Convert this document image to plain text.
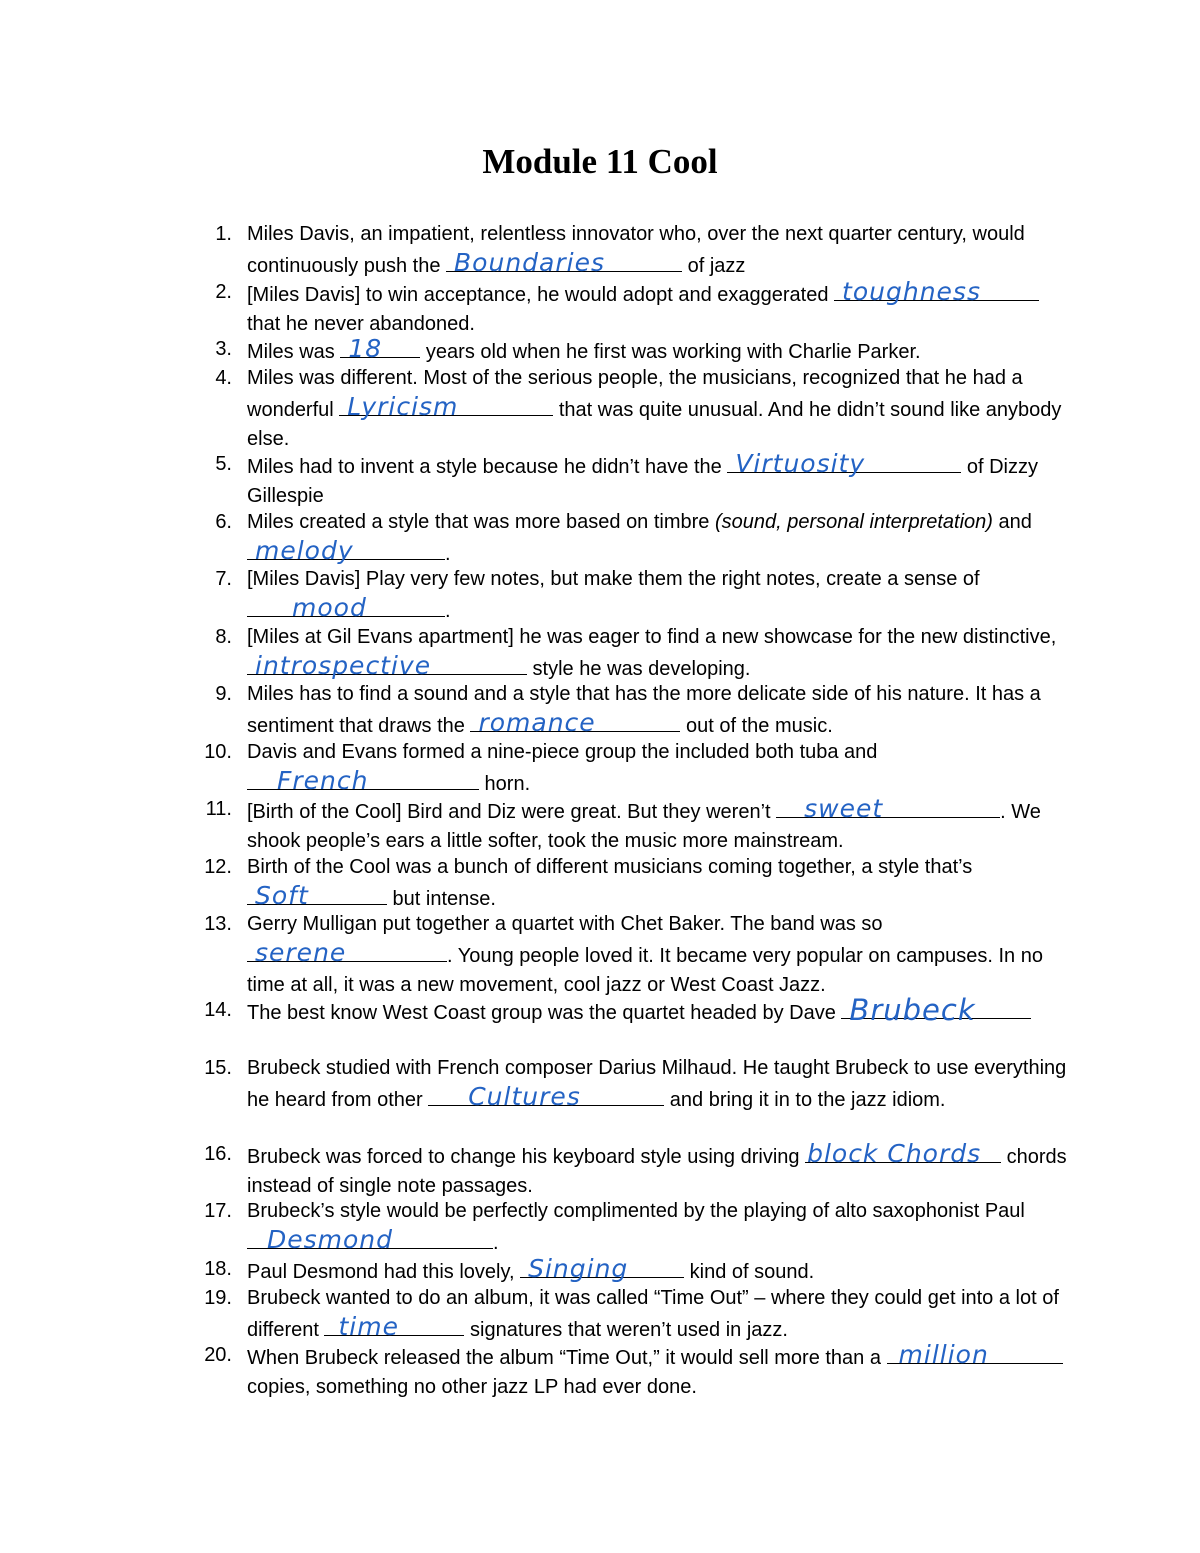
Module 11 Cool
1. Miles Davis, an impatient, relentless innovator who, over the next quarter century, would continuously push the Boundaries	of jazz
2. [Miles Davis] to win acceptance, he would adopt and exaggerated toughness
that he never abandoned.
3. Miles was 18 years old when he first was working with Charlie Parker.
4. Miles was different. Most of the serious people, the musicians, recognized that he had a wonderful Lyricism	that was quite unusual. And he didn’t sound like anybody else.
5. Miles had to invent a style because he didn’t have the Virtuosity	of Dizzy Gillespie
6. Miles created a style that was more based on timbre (sound, personal interpretation) and
melody	.
7. [Miles Davis] Play very few notes, but make them the right notes, create a sense of
mood	.
8. [Miles at Gil Evans apartment] he was eager to find a new showcase for the new distinctive,
introspective	style he was developing.
9. Miles has to find a sound and a style that has the more delicate side of his nature. It has a sentiment that draws the romance	out of the music.
10. Davis and Evans formed a nine-piece group the included both tuba and
French	horn.
11. [Birth of the Cool] Bird and Diz were great. But they weren’t sweet	. We shook people’s ears a little softer, took the music more mainstream.
12. Birth of the Cool was a bunch of different musicians coming together, a style that’s
Soft	but intense.
13. Gerry Mulligan put together a quartet with Chet Baker. The band was so
serene	. Young people loved it. It became very popular on campuses. In no time at all, it was a new movement, cool jazz or West Coast Jazz.
14. The best know West Coast group was the quartet headed by Dave Brubeck
15. Brubeck studied with French composer Darius Milhaud. He taught Brubeck to use everything he heard from other Cultures	and bring it in to the jazz idiom.
16. Brubeck was forced to change his keyboard style using driving block Chords chords instead of single note passages.
17. Brubeck’s style would be perfectly complimented by the playing of alto saxophonist Paul
Desmond	.
18. Paul Desmond had this lovely, Singing	kind of sound.
19. Brubeck wanted to do an album, it was called “Time Out” – where they could get into a lot of different time	signatures that weren’t used in jazz.
20. When Brubeck released the album “Time Out,” it would sell more than a million
copies, something no other jazz LP had ever done.
